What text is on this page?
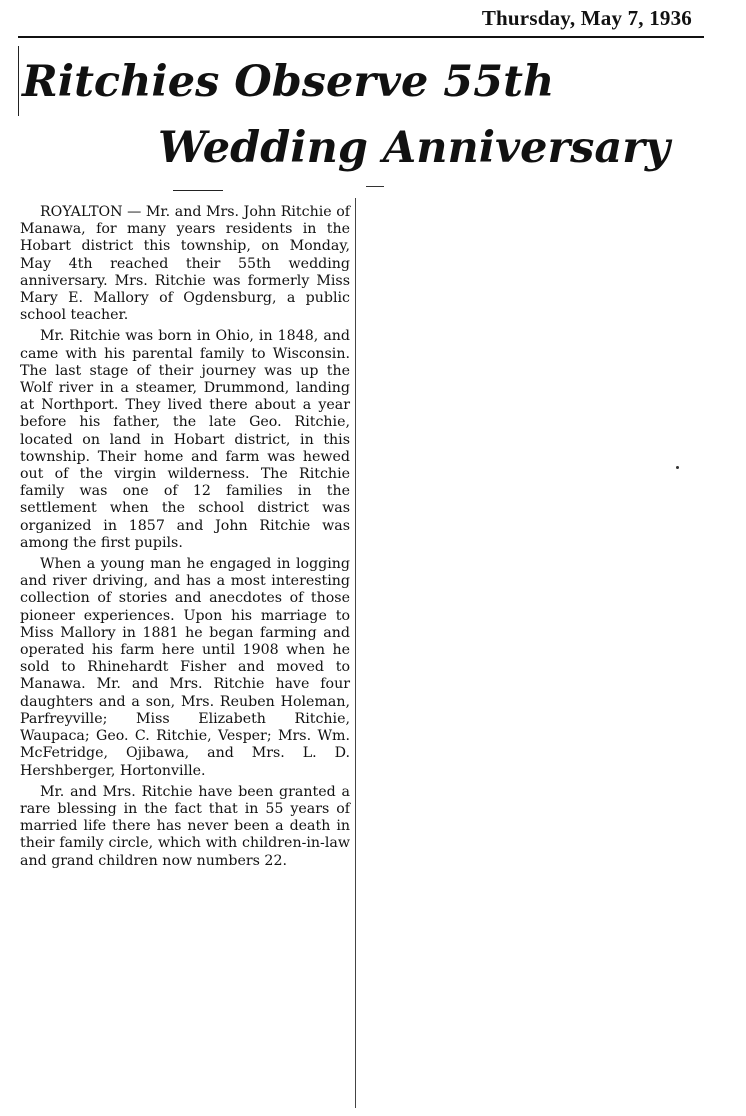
Thursday, May 7, 1936
Ritchies Observe 55th
Wedding Anniversary

ROYALTON — Mr. and Mrs. John Ritchie of Manawa, for many years residents in the Hobart district this township, on Monday, May 4th reached their 55th wedding anniversary. Mrs. Ritchie was formerly Miss Mary E. Mallory of Ogdensburg, a public school teacher.

Mr. Ritchie was born in Ohio, in 1848, and came with his parental family to Wisconsin. The last stage of their journey was up the Wolf river in a steamer, Drummond, landing at Northport. They lived there about a year before his father, the late Geo. Ritchie, located on land in Hobart district, in this township. Their home and farm was hewed out of the virgin wilderness. The Ritchie family was one of 12 families in the settlement when the school district was organized in 1857 and John Ritchie was among the first pupils.

When a young man he engaged in logging and river driving, and has a most interesting collection of stories and anecdotes of those pioneer experiences. Upon his marriage to Miss Mallory in 1881 he began farming and operated his farm here until 1908 when he sold to Rhinehardt Fisher and moved to Manawa. Mr. and Mrs. Ritchie have four daughters and a son, Mrs. Reuben Holeman, Parfreyville; Miss Elizabeth Ritchie, Waupaca; Geo. C. Ritchie, Vesper; Mrs. Wm. McFetridge, Ojibawa, and Mrs. L. D. Hershberger, Hortonville.

Mr. and Mrs. Ritchie have been granted a rare blessing in the fact that in 55 years of married life there has never been a death in their family circle, which with children-in-law and grand children now numbers 22.
